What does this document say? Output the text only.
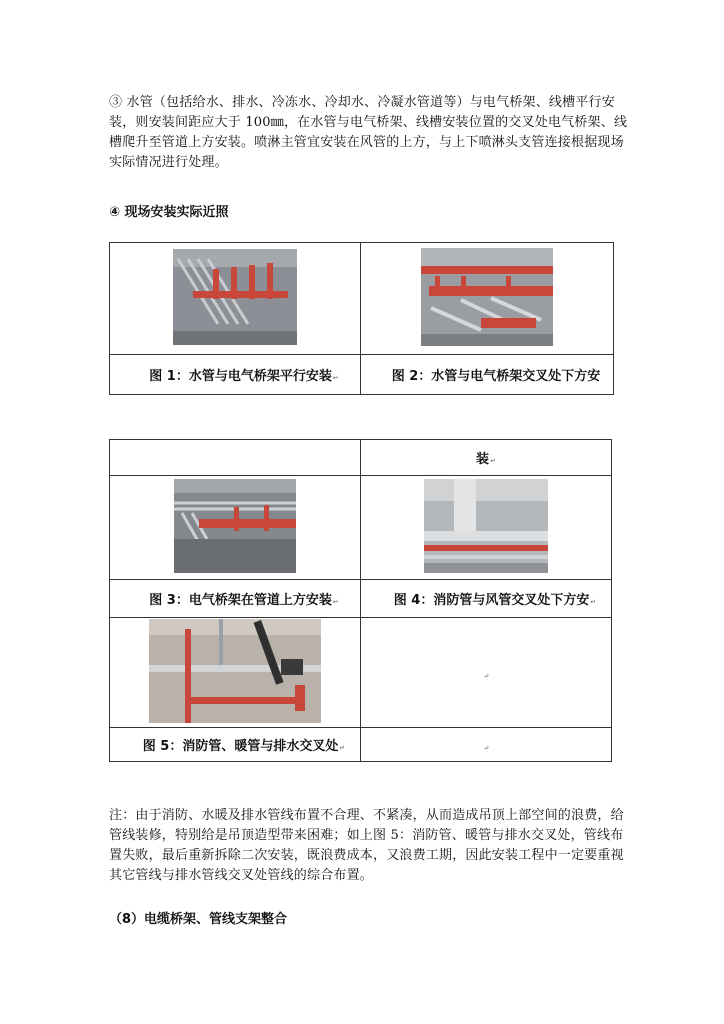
③ 水管（包括给水、排水、冷冻水、冷却水、冷凝水管道等）与电气桥架、线槽平行安装，则安装间距应大于 100㎜，在水管与电气桥架、线槽安装位置的交叉处电气桥架、线槽爬升至管道上方安装。喷淋主管宜安装在风管的上方，与上下喷淋头支管连接根据现场实际情况进行处理。

④ 现场安装实际近照

图 1：水管与电气桥架平行安装↵	图 2：水管与电气桥架交叉处下方安
	装↵

图 3：电气桥架在管道上方安装↵	图 4：消防管与风管交叉处下方安↵

	↵
图 5：消防管、暖管与排水交叉处↵	↵

注：由于消防、水暖及排水管线布置不合理、不紧凑，从而造成吊顶上部空间的浪费，给管线装修，特别给是吊顶造型带来困难；如上图 5：消防管、暖管与排水交叉处，管线布置失败，最后重新拆除二次安装，既浪费成本，又浪费工期，因此安装工程中一定要重视其它管线与排水管线交叉处管线的综合布置。

（8）电缆桥架、管线支架整合
